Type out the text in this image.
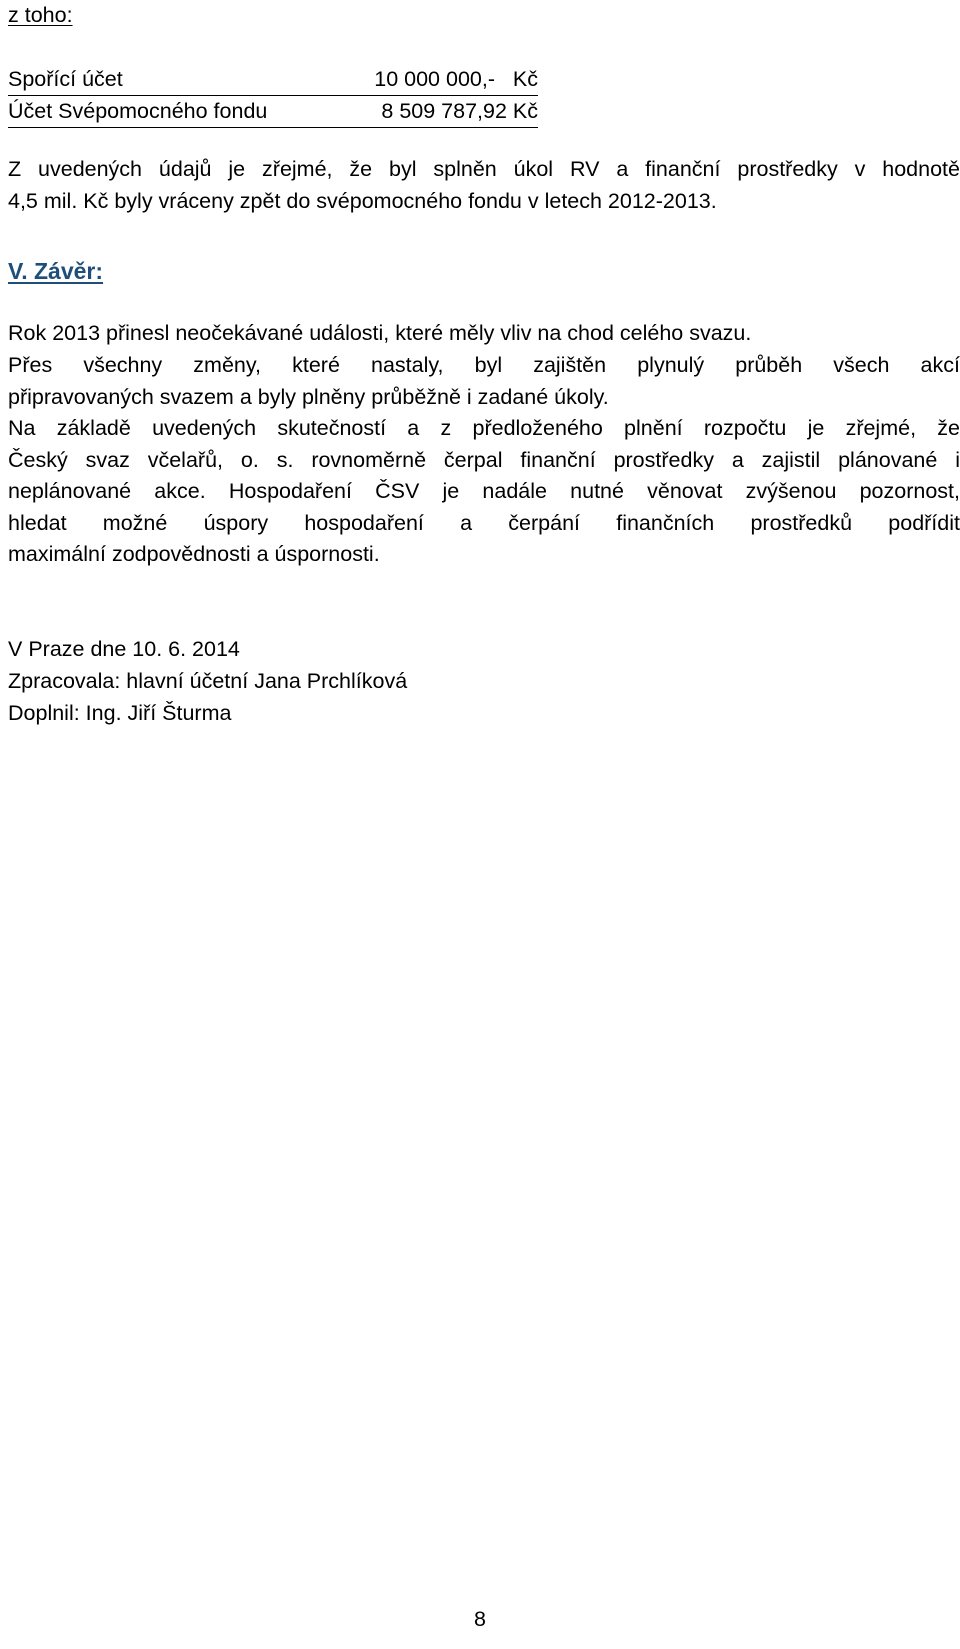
z toho:
Spořící účet	10 000 000,-   Kč
Účet Svépomocného fondu	8 509 787,92 Kč
Z uvedených údajů je zřejmé, že byl splněn úkol RV a finanční prostředky v hodnotě
4,5 mil. Kč byly vráceny zpět do svépomocného fondu v letech 2012-2013.
V. Závěr:
Rok 2013 přinesl neočekávané události, které měly vliv na chod celého svazu.
Přes všechny změny, které nastaly, byl zajištěn plynulý průběh všech akcí
připravovaných svazem a byly plněny průběžně i zadané úkoly.
Na základě uvedených skutečností a z předloženého plnění rozpočtu je zřejmé, že
Český svaz včelařů, o. s. rovnoměrně čerpal finanční prostředky a zajistil plánované i
neplánované akce. Hospodaření ČSV je nadále nutné věnovat zvýšenou pozornost,
hledat možné úspory hospodaření a čerpání finančních prostředků podřídit
maximální zodpovědnosti a úspornosti.
V Praze dne 10. 6. 2014
Zpracovala: hlavní účetní Jana Prchlíková
Doplnil: Ing. Jiří Šturma
8
